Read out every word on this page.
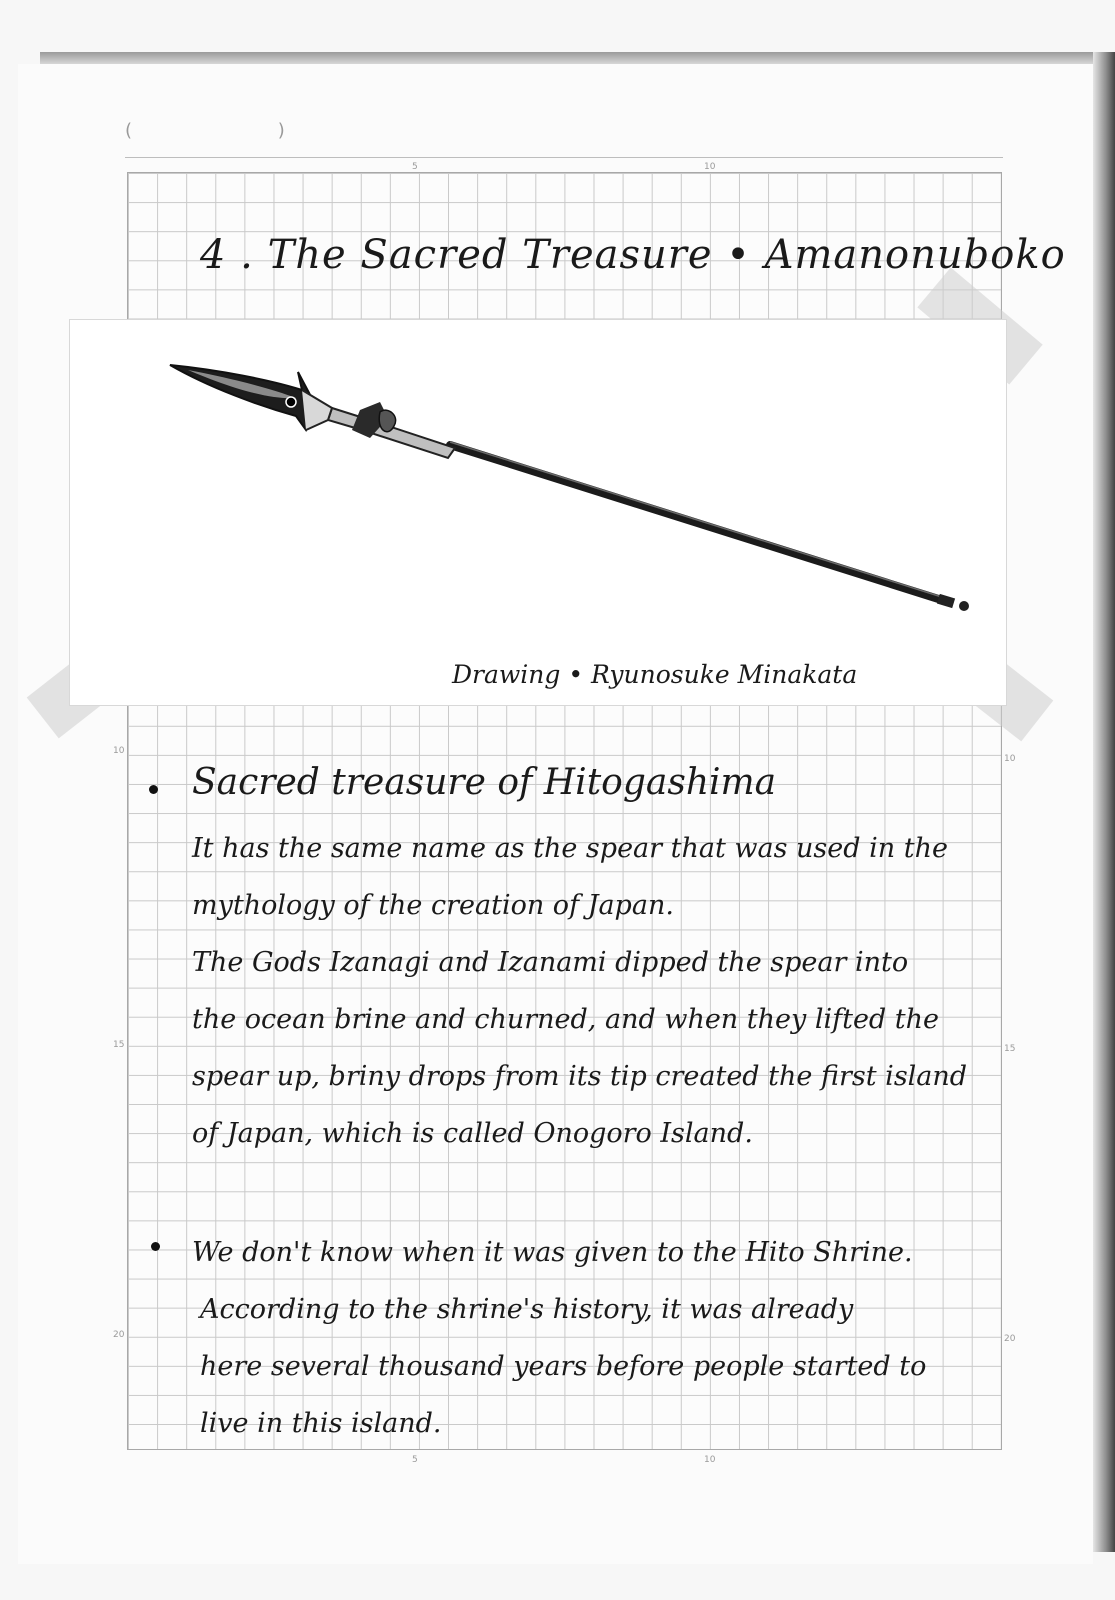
( )
5	10
5	10
10
15
20
10
15
20
4 . The Sacred Treasure • Amanonuboko
Drawing • Ryunosuke Minakata
Sacred treasure of Hitogashima
It has the same name as the spear that was used in the
mythology of the creation of Japan.
The Gods Izanagi and Izanami dipped the spear into
the ocean brine and churned, and when they lifted the
spear up, briny drops from its tip created the first island
of Japan, which is called Onogoro Island.
We don't know when it was given to the Hito Shrine.
According to the shrine's history, it was already
here several thousand years before people started to
live in this island.
